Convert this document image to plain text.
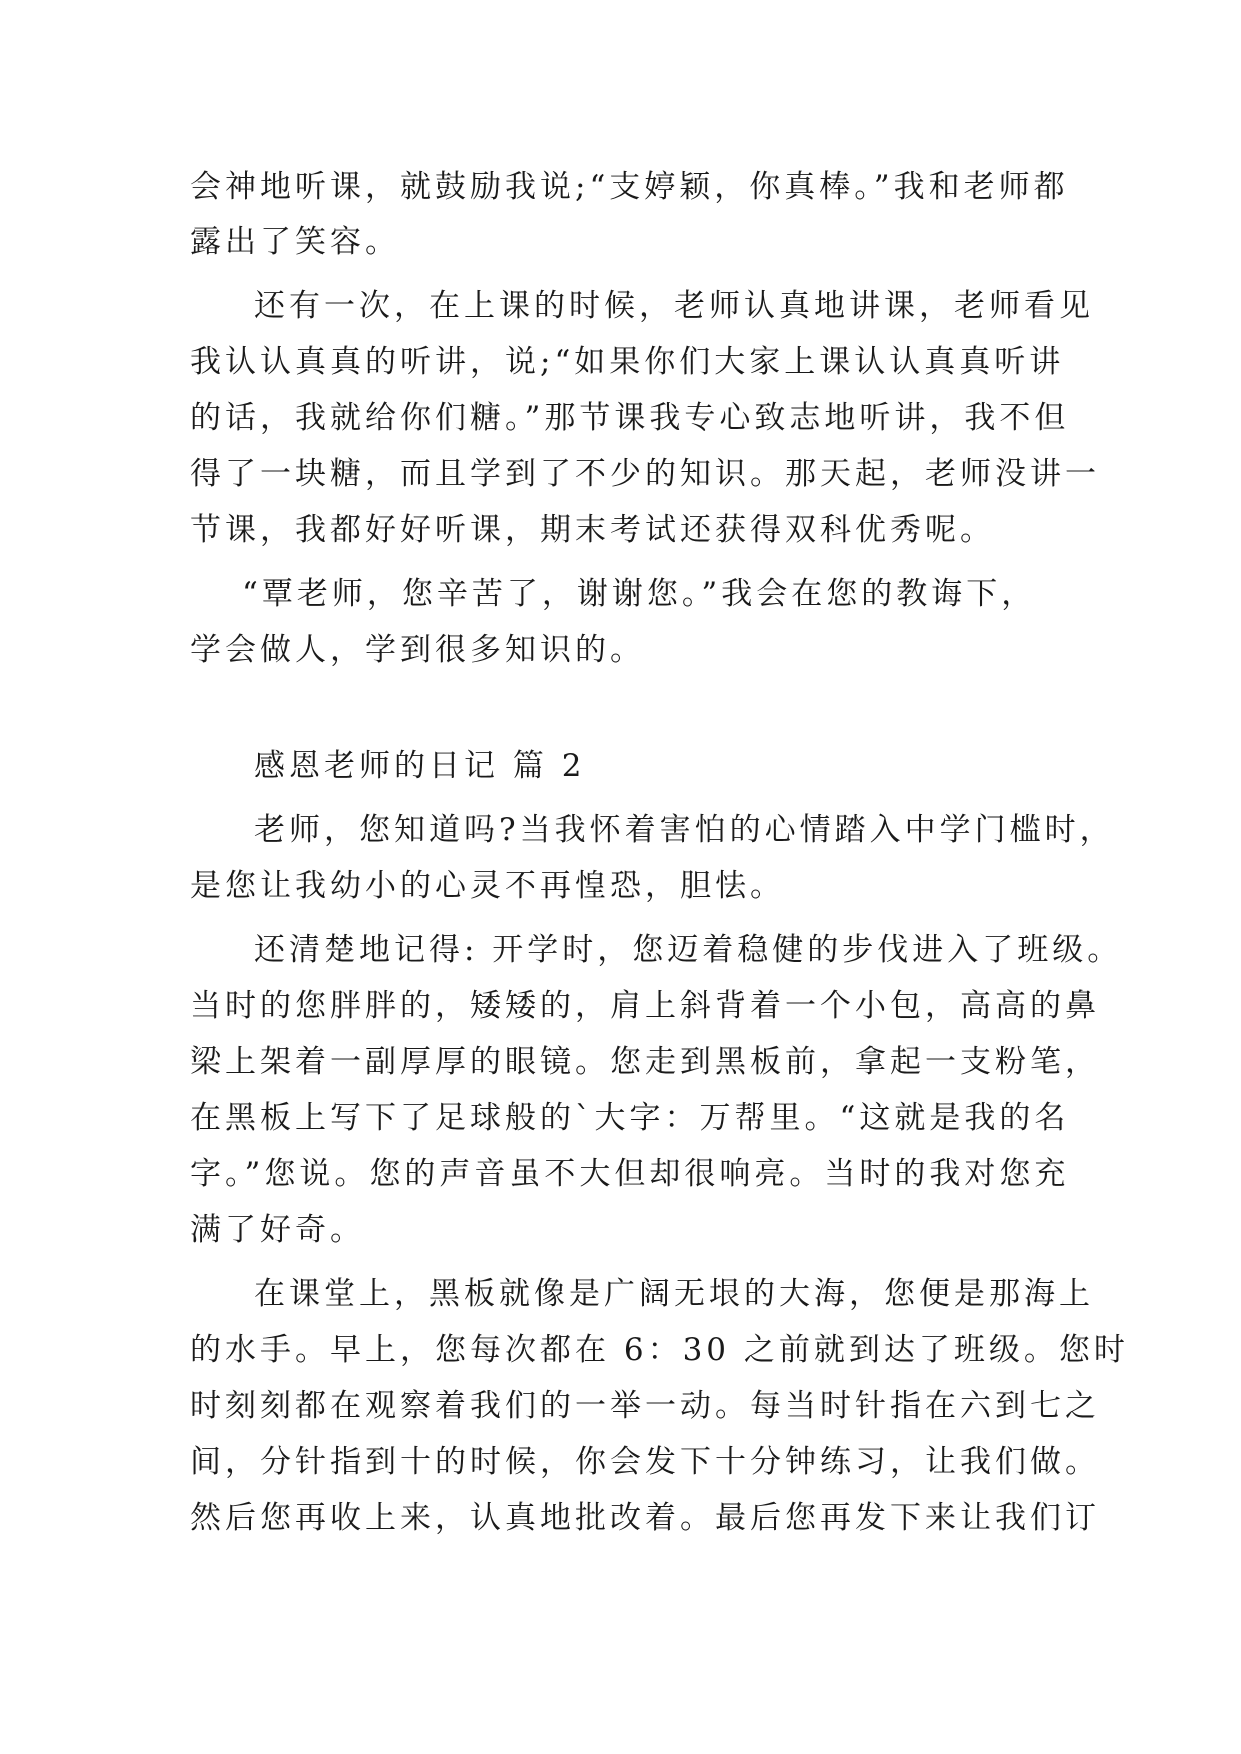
会神地听课，就鼓励我说;“支婷颖，你真棒。”我和老师都
露出了笑容。
还有一次，在上课的时候，老师认真地讲课，老师看见
我认认真真的听讲，说;“如果你们大家上课认认真真听讲
的话，我就给你们糖。”那节课我专心致志地听讲，我不但
得了一块糖，而且学到了不少的知识。那天起，老师没讲一
节课，我都好好听课，期末考试还获得双科优秀呢。
“覃老师，您辛苦了，谢谢您。”我会在您的教诲下，
学会做人，学到很多知识的。
感恩老师的日记 篇 2
老师，您知道吗?当我怀着害怕的心情踏入中学门槛时，
是您让我幼小的心灵不再惶恐，胆怯。
还清楚地记得: 开学时，您迈着稳健的步伐进入了班级。
当时的您胖胖的，矮矮的，肩上斜背着一个小包，高高的鼻
梁上架着一副厚厚的眼镜。您走到黑板前，拿起一支粉笔，
在黑板上写下了足球般的`大字：万帮里。“这就是我的名
字。”您说。您的声音虽不大但却很响亮。当时的我对您充
满了好奇。
在课堂上，黑板就像是广阔无垠的大海，您便是那海上
的水手。早上，您每次都在 6：30 之前就到达了班级。您时
时刻刻都在观察着我们的一举一动。每当时针指在六到七之
间，分针指到十的时候，你会发下十分钟练习，让我们做。
然后您再收上来，认真地批改着。最后您再发下来让我们订
